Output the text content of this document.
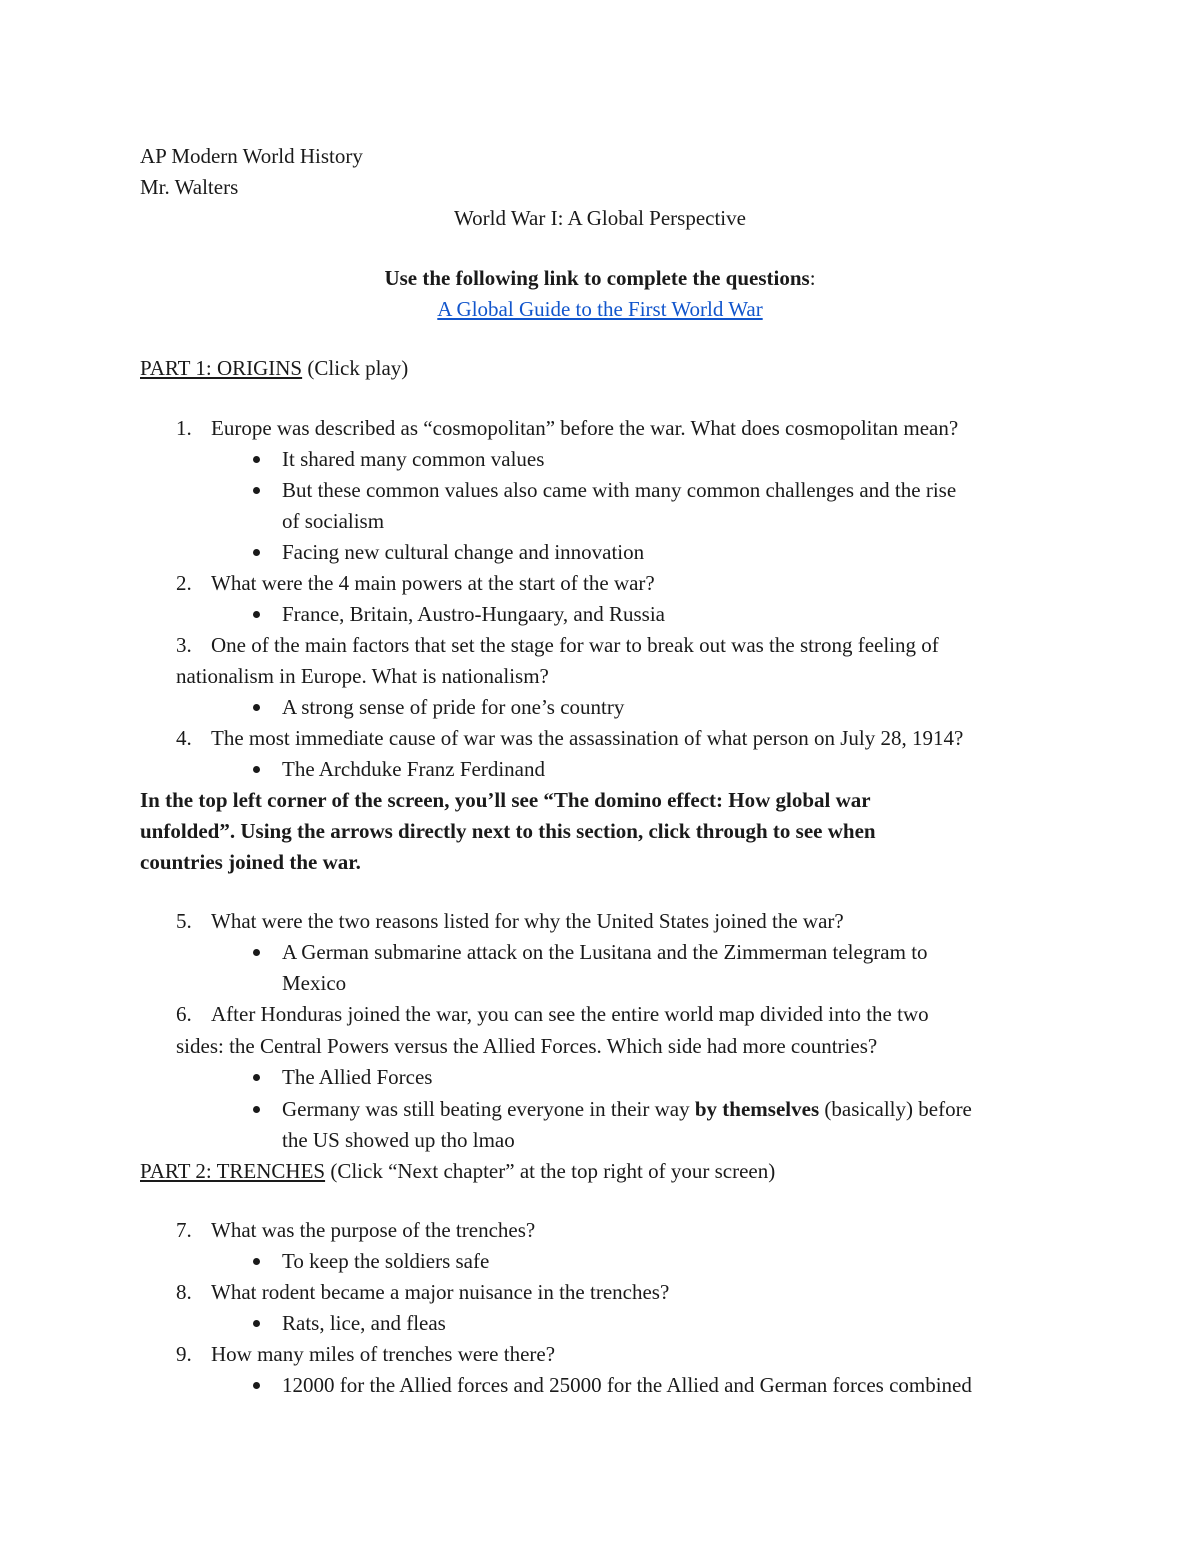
AP Modern World History
Mr. Walters
World War I: A Global Perspective
Use the following link to complete the questions:
A Global Guide to the First World War
PART 1: ORIGINS (Click play)
1. Europe was described as “cosmopolitan” before the war. What does cosmopolitan mean?
It shared many common values
But these common values also came with many common challenges and the rise
of socialism
Facing new cultural change and innovation
2. What were the 4 main powers at the start of the war?
France, Britain, Austro-Hungaary, and Russia
3. One of the main factors that set the stage for war to break out was the strong feeling of
nationalism in Europe. What is nationalism?
A strong sense of pride for one’s country
4. The most immediate cause of war was the assassination of what person on July 28, 1914?
The Archduke Franz Ferdinand
In the top left corner of the screen, you’ll see “The domino effect: How global war
unfolded”. Using the arrows directly next to this section, click through to see when
countries joined the war.
5. What were the two reasons listed for why the United States joined the war?
A German submarine attack on the Lusitana and the Zimmerman telegram to
Mexico
6. After Honduras joined the war, you can see the entire world map divided into the two
sides: the Central Powers versus the Allied Forces. Which side had more countries?
The Allied Forces
Germany was still beating everyone in their way by themselves (basically) before
the US showed up tho lmao
PART 2: TRENCHES (Click “Next chapter” at the top right of your screen)
7. What was the purpose of the trenches?
To keep the soldiers safe
8. What rodent became a major nuisance in the trenches?
Rats, lice, and fleas
9. How many miles of trenches were there?
12000 for the Allied forces and 25000 for the Allied and German forces combined
